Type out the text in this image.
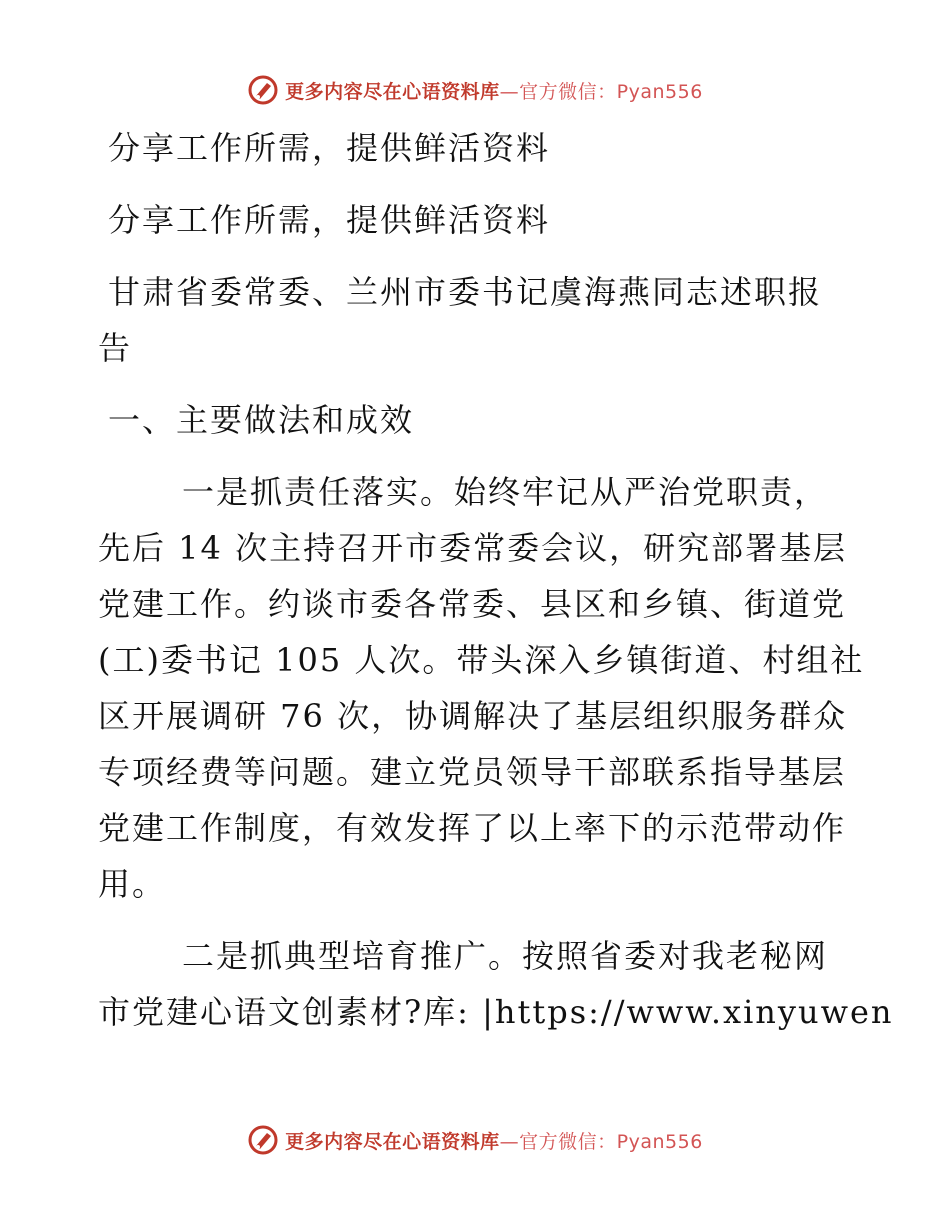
更多内容尽在心语资料库—官方微信：Pyan556
分享工作所需，提供鲜活资料
分享工作所需，提供鲜活资料
甘肃省委常委、兰州市委书记虞海燕同志述职报
告
一、主要做法和成效
一是抓责任落实。始终牢记从严治党职责，
先后 14 次主持召开市委常委会议，研究部署基层
党建工作。约谈市委各常委、县区和乡镇、街道党
(工)委书记 105 人次。带头深入乡镇街道、村组社
区开展调研 76 次，协调解决了基层组织服务群众
专项经费等问题。建立党员领导干部联系指导基层
党建工作制度，有效发挥了以上率下的示范带动作
用。
二是抓典型培育推广。按照省委对我老秘网
市党建心语文创素材?库: |https://www.xinyuwen
更多内容尽在心语资料库—官方微信：Pyan556
